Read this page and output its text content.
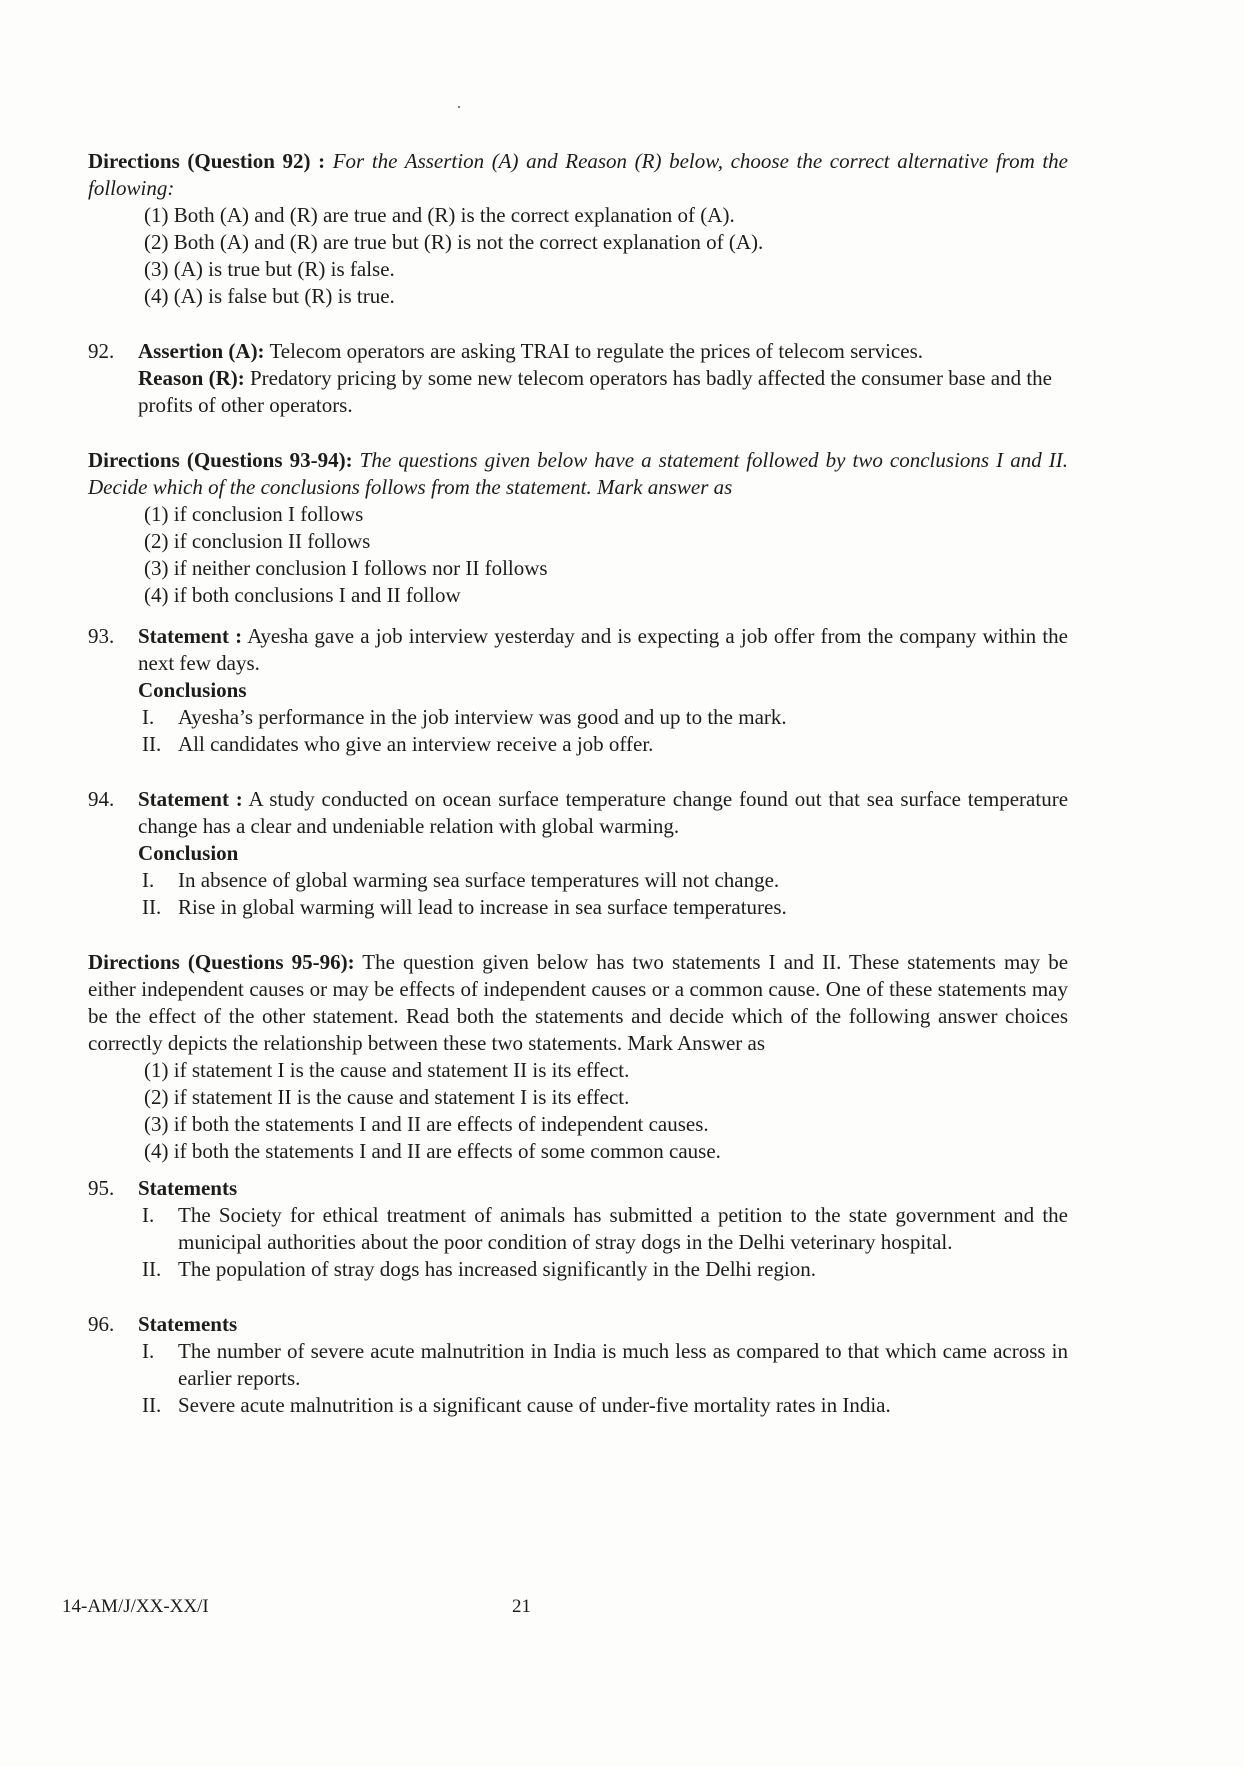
Directions (Question 92) : For the Assertion (A) and Reason (R) below, choose the correct alternative from the following:
(1) Both (A) and (R) are true and (R) is the correct explanation of (A).
(2) Both (A) and (R) are true but (R) is not the correct explanation of (A).
(3) (A) is true but (R) is false.
(4) (A) is false but (R) is true.
92. Assertion (A): Telecom operators are asking TRAI to regulate the prices of telecom services.
Reason (R): Predatory pricing by some new telecom operators has badly affected the consumer base and the profits of other operators.
Directions (Questions 93-94): The questions given below have a statement followed by two conclusions I and II. Decide which of the conclusions follows from the statement. Mark answer as
(1) if conclusion I follows
(2) if conclusion II follows
(3) if neither conclusion I follows nor II follows
(4) if both conclusions I and II follow
93. Statement : Ayesha gave a job interview yesterday and is expecting a job offer from the company within the next few days.
Conclusions
I. Ayesha’s performance in the job interview was good and up to the mark.
II. All candidates who give an interview receive a job offer.
94. Statement : A study conducted on ocean surface temperature change found out that sea surface temperature change has a clear and undeniable relation with global warming.
Conclusion
I. In absence of global warming sea surface temperatures will not change.
II. Rise in global warming will lead to increase in sea surface temperatures.
Directions (Questions 95-96): The question given below has two statements I and II. These statements may be either independent causes or may be effects of independent causes or a common cause. One of these statements may be the effect of the other statement. Read both the statements and decide which of the following answer choices correctly depicts the relationship between these two statements. Mark Answer as
(1) if statement I is the cause and statement II is its effect.
(2) if statement II is the cause and statement I is its effect.
(3) if both the statements I and II are effects of independent causes.
(4) if both the statements I and II are effects of some common cause.
95. Statements
I. The Society for ethical treatment of animals has submitted a petition to the state government and the municipal authorities about the poor condition of stray dogs in the Delhi veterinary hospital.
II. The population of stray dogs has increased significantly in the Delhi region.
96. Statements
I. The number of severe acute malnutrition in India is much less as compared to that which came across in earlier reports.
II. Severe acute malnutrition is a significant cause of under-five mortality rates in India.
14-AM/J/XX-XX/I	21
